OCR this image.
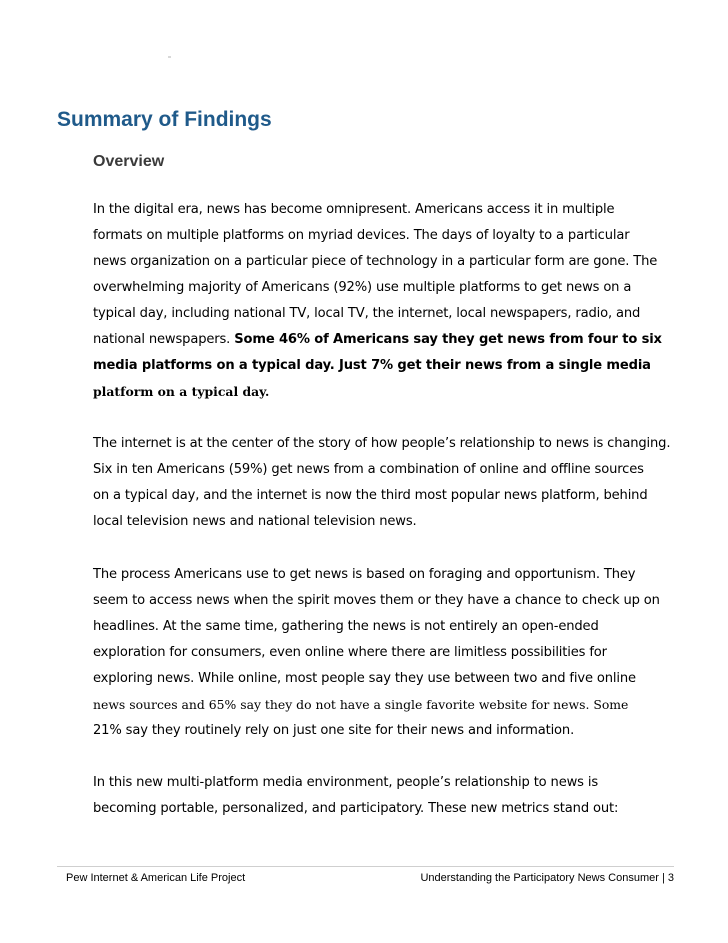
Summary of Findings
Overview
In the digital era, news has become omnipresent. Americans access it in multiple
formats on multiple platforms on myriad devices. The days of loyalty to a particular
news organization on a particular piece of technology in a particular form are gone. The
overwhelming majority of Americans (92%) use multiple platforms to get news on a
typical day, including national TV, local TV, the internet, local newspapers, radio, and
national newspapers. Some 46% of Americans say they get news from four to six
media platforms on a typical day. Just 7% get their news from a single media
platform on a typical day.
The internet is at the center of the story of how people’s relationship to news is changing.
Six in ten Americans (59%) get news from a combination of online and offline sources
on a typical day, and the internet is now the third most popular news platform, behind
local television news and national television news.
The process Americans use to get news is based on foraging and opportunism. They
seem to access news when the spirit moves them or they have a chance to check up on
headlines. At the same time, gathering the news is not entirely an open-ended
exploration for consumers, even online where there are limitless possibilities for
exploring news. While online, most people say they use between two and five online
news sources and 65% say they do not have a single favorite website for news. Some
21% say they routinely rely on just one site for their news and information.
In this new multi-platform media environment, people’s relationship to news is
becoming portable, personalized, and participatory. These new metrics stand out:
Pew Internet & American Life Project	Understanding the Participatory News Consumer | 3
